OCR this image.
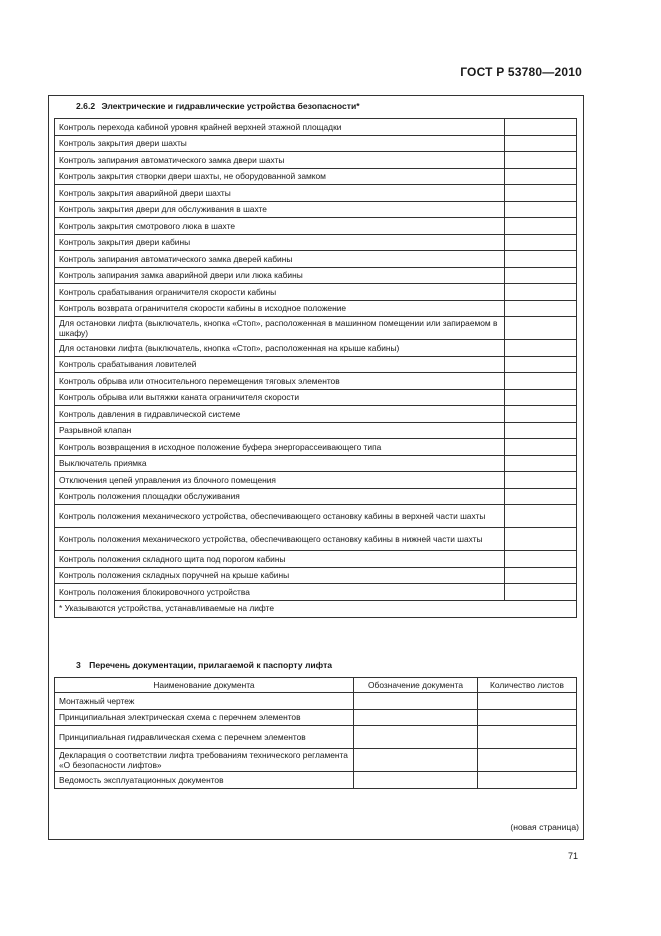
ГОСТ Р 53780—2010
2.6.2 Электрические и гидравлические устройства безопасности*
Контроль перехода кабиной уровня крайней верхней этажной площадки	
Контроль закрытия двери шахты	
Контроль запирания автоматического замка двери шахты	
Контроль закрытия створки двери шахты, не оборудованной замком	
Контроль закрытия аварийной двери шахты	
Контроль закрытия двери для обслуживания в шахте	
Контроль закрытия смотрового люка в шахте	
Контроль закрытия двери кабины	
Контроль запирания автоматического замка дверей кабины	
Контроль запирания замка аварийной двери или люка кабины	
Контроль срабатывания ограничителя скорости кабины	
Контроль возврата ограничителя скорости кабины в исходное положение	
Для остановки лифта (выключатель, кнопка «Стоп», расположенная в машинном помещении или запираемом в шкафу)	
Для остановки лифта (выключатель, кнопка «Стоп», расположенная на крыше кабины)	
Контроль срабатывания ловителей	
Контроль обрыва или относительного перемещения тяговых элементов	
Контроль обрыва или вытяжки каната ограничителя скорости	
Контроль давления в гидравлической системе	
Разрывной клапан	
Контроль возвращения в исходное положение буфера энергорассеивающего типа	
Выключатель приямка	
Отключения цепей управления из блочного помещения	
Контроль положения площадки обслуживания	
Контроль положения механического устройства, обеспечивающего остановку кабины в верхней части шахты	
Контроль положения механического устройства, обеспечивающего остановку кабины в нижней части шахты	
Контроль положения складного щита под порогом кабины	
Контроль положения складных поручней на крыше кабины	
Контроль положения блокировочного устройства	
* Указываются устройства, устанавливаемые на лифте	
3 Перечень документации, прилагаемой к паспорту лифта
Наименование документа	Обозначение документа	Количество листов
Монтажный чертеж		
Принципиальная электрическая схема с перечнем элементов		
Принципиальная гидравлическая схема с перечнем элементов		
Декларация о соответствии лифта требованиям технического регламента «О безопасности лифтов»		
Ведомость эксплуатационных документов		
(новая страница)
71
